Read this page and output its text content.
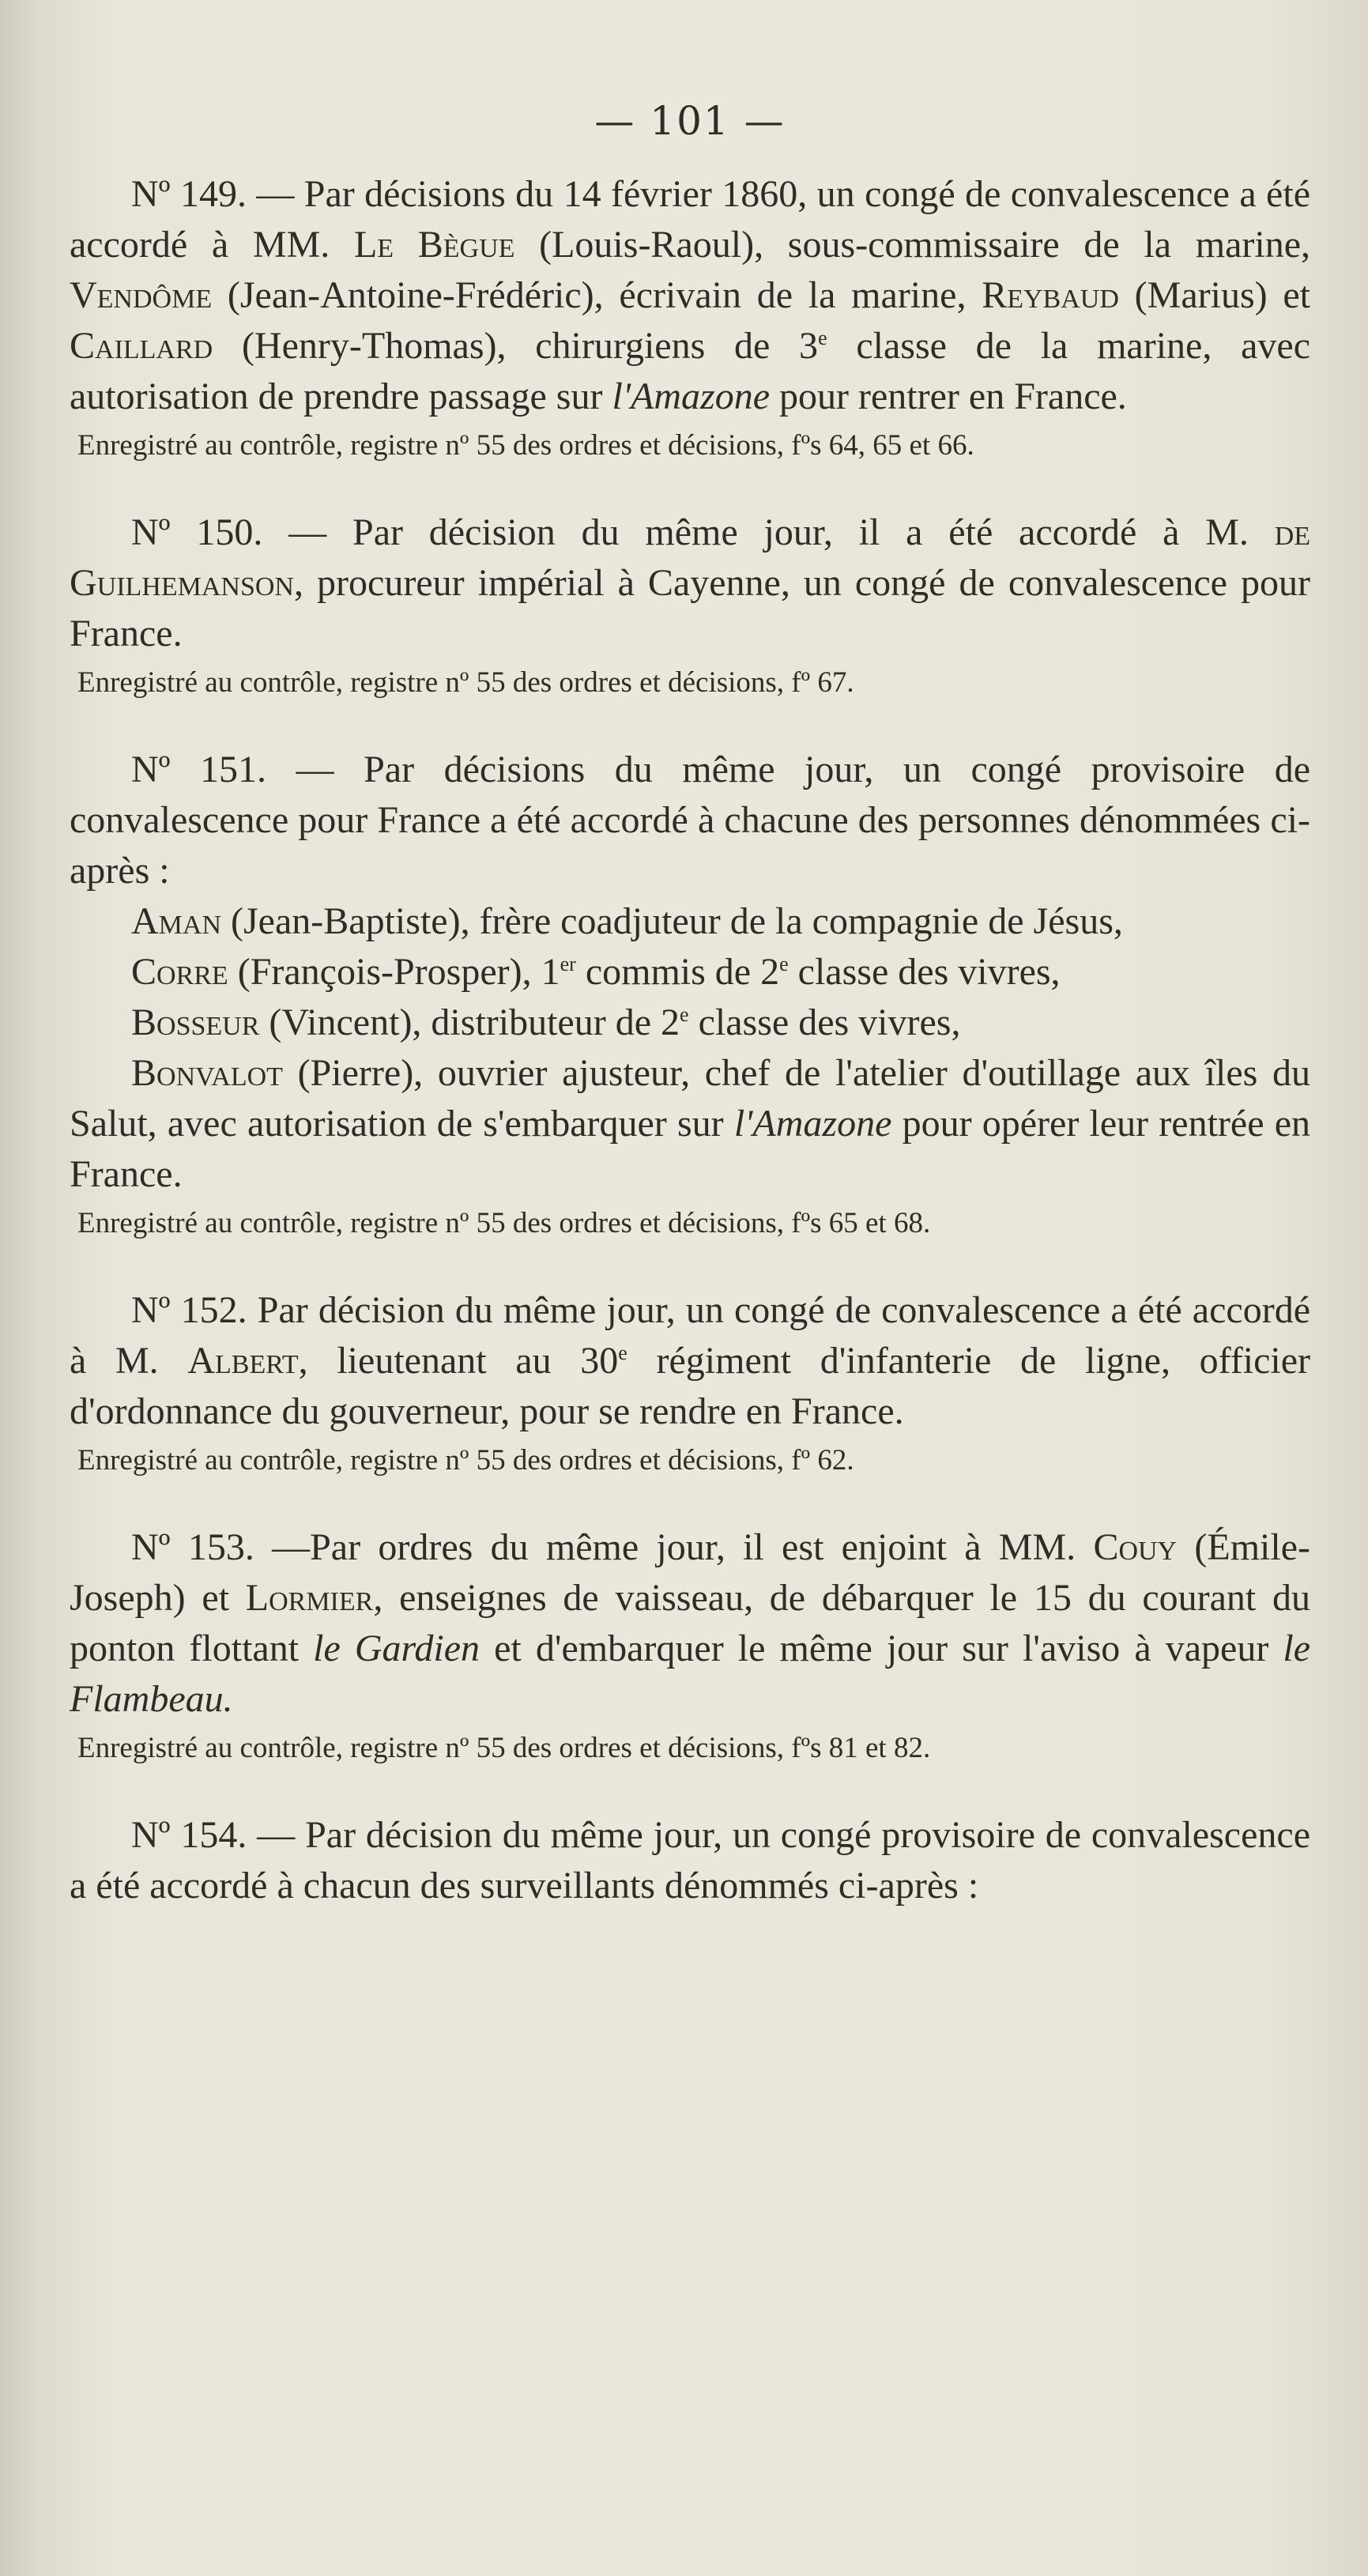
— 101 —

Nº 149. — Par décisions du 14 février 1860, un congé de convalescence a été accordé à MM. Le Bègue (Louis-Raoul), sous-commissaire de la marine, Vendôme (Jean-Antoine-Frédéric), écrivain de la marine, Reybaud (Marius) et Caillard (Henry-Thomas), chirurgiens de 3e classe de la marine, avec autorisation de prendre passage sur l'Amazone pour rentrer en France.

Enregistré au contrôle, registre nº 55 des ordres et décisions, fºs 64, 65 et 66.

Nº 150. — Par décision du même jour, il a été accordé à M. de Guilhemanson, procureur impérial à Cayenne, un congé de convalescence pour France.

Enregistré au contrôle, registre nº 55 des ordres et décisions, fº 67.

Nº 151. — Par décisions du même jour, un congé provisoire de convalescence pour France a été accordé à chacune des personnes dénommées ci-après :

Aman (Jean-Baptiste), frère coadjuteur de la compagnie de Jésus,

Corre (François-Prosper), 1er commis de 2e classe des vivres,

Bosseur (Vincent), distributeur de 2e classe des vivres,

Bonvalot (Pierre), ouvrier ajusteur, chef de l'atelier d'outillage aux îles du Salut, avec autorisation de s'embarquer sur l'Amazone pour opérer leur rentrée en France.

Enregistré au contrôle, registre nº 55 des ordres et décisions, fºs 65 et 68.

Nº 152. Par décision du même jour, un congé de convalescence a été accordé à M. Albert, lieutenant au 30e régiment d'infanterie de ligne, officier d'ordonnance du gouverneur, pour se rendre en France.

Enregistré au contrôle, registre nº 55 des ordres et décisions, fº 62.

Nº 153. —Par ordres du même jour, il est enjoint à MM. Couy (Émile-Joseph) et Lormier, enseignes de vaisseau, de débarquer le 15 du courant du ponton flottant le Gardien et d'embarquer le même jour sur l'aviso à vapeur le Flambeau.

Enregistré au contrôle, registre nº 55 des ordres et décisions, fºs 81 et 82.

Nº 154. — Par décision du même jour, un congé provisoire de convalescence a été accordé à chacun des surveillants dénommés ci-après :
